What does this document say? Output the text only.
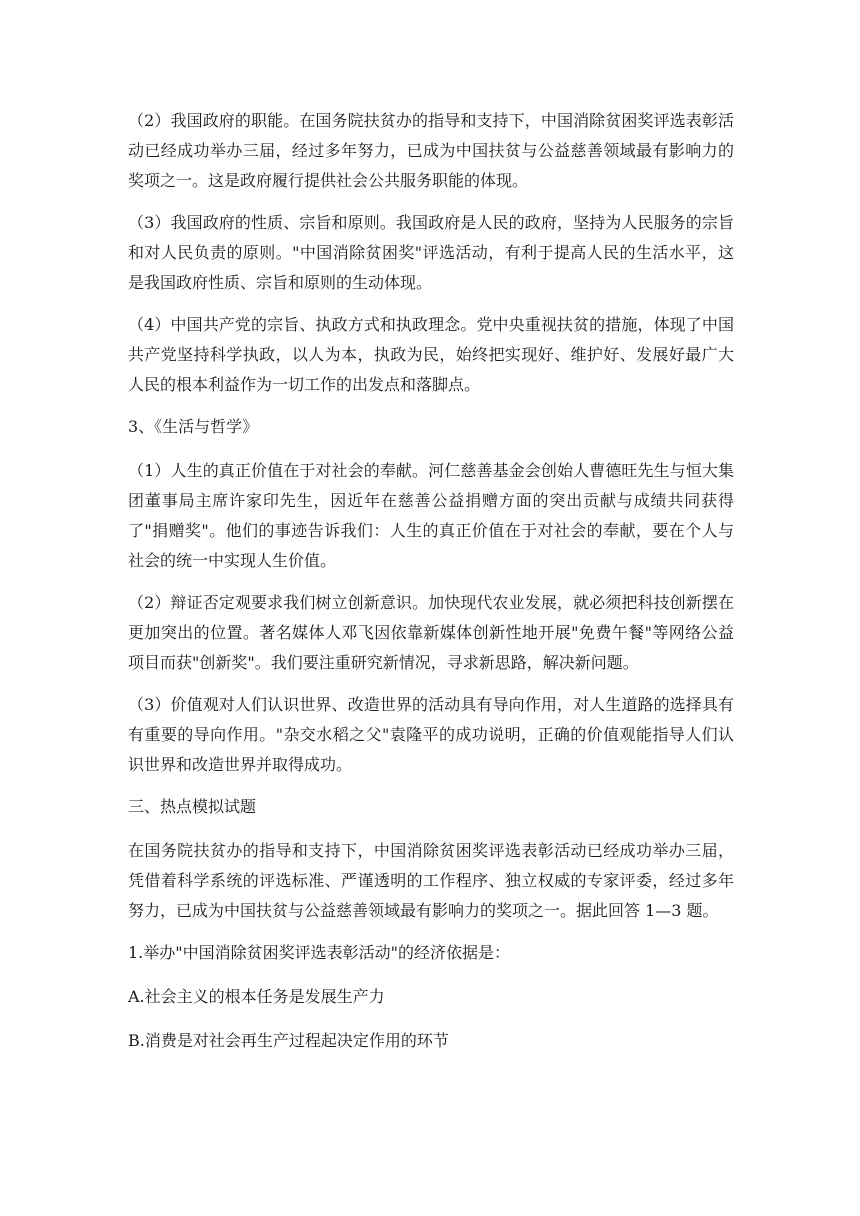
（2）我国政府的职能。在国务院扶贫办的指导和支持下，中国消除贫困奖评选表彰活动已经成功举办三届，经过多年努力，已成为中国扶贫与公益慈善领域最有影响力的奖项之一。这是政府履行提供社会公共服务职能的体现。

（3）我国政府的性质、宗旨和原则。我国政府是人民的政府，坚持为人民服务的宗旨和对人民负责的原则。"中国消除贫困奖"评选活动，有利于提高人民的生活水平，这是我国政府性质、宗旨和原则的生动体现。

（4）中国共产党的宗旨、执政方式和执政理念。党中央重视扶贫的措施，体现了中国共产党坚持科学执政，以人为本，执政为民，始终把实现好、维护好、发展好最广大人民的根本利益作为一切工作的出发点和落脚点。

3、《生活与哲学》

（1）人生的真正价值在于对社会的奉献。河仁慈善基金会创始人曹德旺先生与恒大集团董事局主席许家印先生，因近年在慈善公益捐赠方面的突出贡献与成绩共同获得了"捐赠奖"。他们的事迹告诉我们：人生的真正价值在于对社会的奉献，要在个人与社会的统一中实现人生价值。

（2）辩证否定观要求我们树立创新意识。加快现代农业发展，就必须把科技创新摆在更加突出的位置。著名媒体人邓飞因依靠新媒体创新性地开展"免费午餐"等网络公益项目而获"创新奖"。我们要注重研究新情况，寻求新思路，解决新问题。

（3）价值观对人们认识世界、改造世界的活动具有导向作用，对人生道路的选择具有有重要的导向作用。"杂交水稻之父"袁隆平的成功说明，正确的价值观能指导人们认识世界和改造世界并取得成功。

三、热点模拟试题

在国务院扶贫办的指导和支持下，中国消除贫困奖评选表彰活动已经成功举办三届，凭借着科学系统的评选标准、严谨透明的工作程序、独立权威的专家评委，经过多年努力，已成为中国扶贫与公益慈善领域最有影响力的奖项之一。据此回答 1—3 题。

1.举办"中国消除贫困奖评选表彰活动"的经济依据是：

A.社会主义的根本任务是发展生产力

B.消费是对社会再生产过程起决定作用的环节
